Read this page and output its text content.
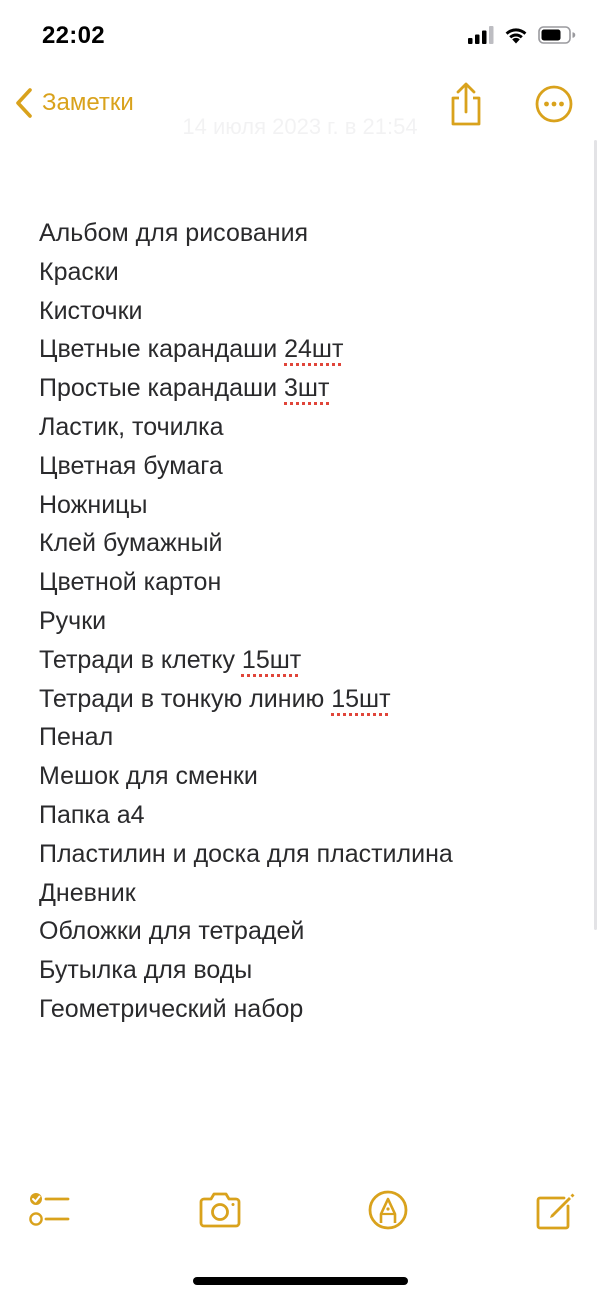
22:02
14 июля 2023 г. в 21:54
Заметки
Альбом для рисования
Краски
Кисточки
Цветные карандаши 24шт
Простые карандаши 3шт
Ластик, точилка
Цветная бумага
Ножницы
Клей бумажный
Цветной картон
Ручки
Тетради в клетку 15шт
Тетради в тонкую линию 15шт
Пенал
Мешок для сменки
Папка а4
Пластилин и доска для пластилина
Дневник
Обложки для тетрадей
Бутылка для воды
Геометрический набор
